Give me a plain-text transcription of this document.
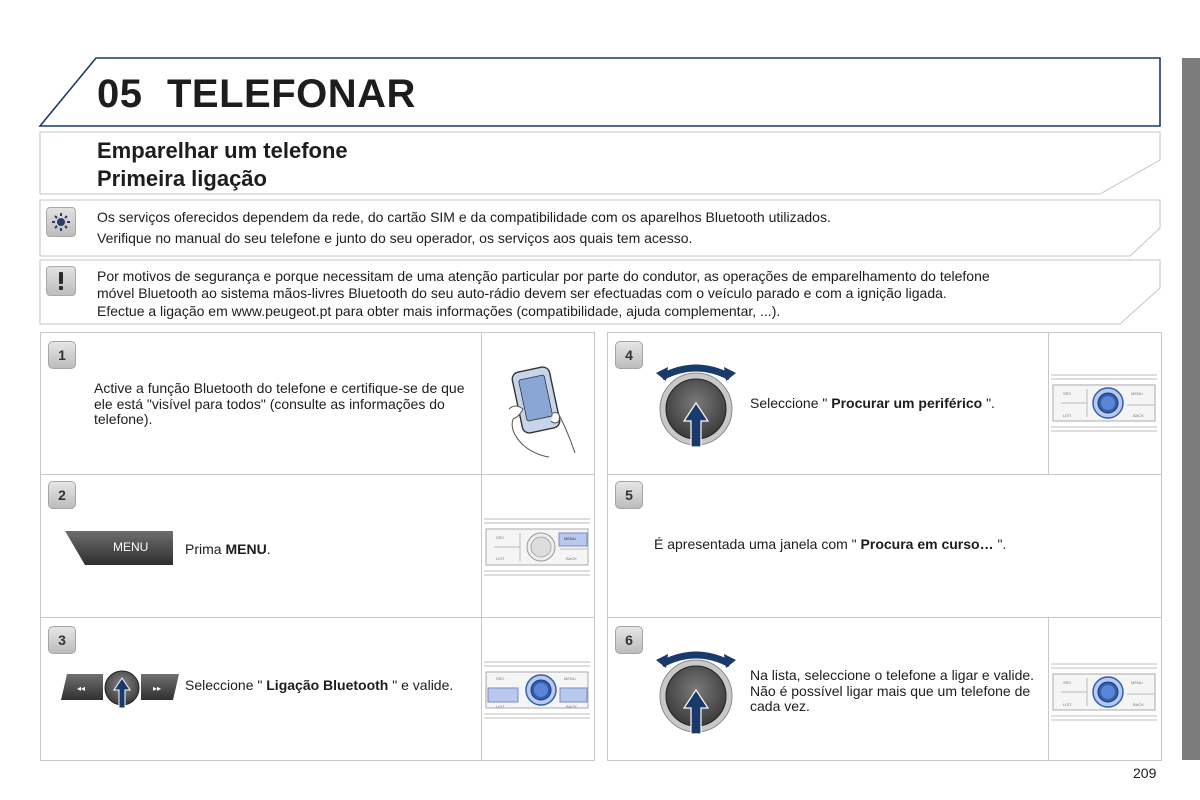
05 TELEFONAR
Emparelhar um telefone
Primeira ligação
Os serviços oferecidos dependem da rede, do cartão SIM e da compatibilidade com os aparelhos Bluetooth utilizados.
Verifique no manual do seu telefone e junto do seu operador, os serviços aos quais tem acesso.
Por motivos de segurança e porque necessitam de uma atenção particular por parte do condutor, as operações de emparelhamento do telefone
móvel Bluetooth ao sistema mãos-livres Bluetooth do seu auto-rádio devem ser efectuadas com o veículo parado e com a ignição ligada.
Efectue a ligação em www.peugeot.pt para obter mais informações (compatibilidade, ajuda complementar, ...).
1
Active a função Bluetooth do telefone e certifique-se de que ele está "visível para todos" (consulte as informações do telefone).
2
MENU	Prima MENU.
SRC	MENU
LIST	BACK
3
◂◂	▸▸ Seleccione " Ligação Bluetooth " e valide.	SRC	MENU
LIST	BACK
4
Seleccione " Procurar um periférico ".
SRC	MENU
LIST	BACK
5
É apresentada uma janela com " Procura em curso… ".
6
Na lista, seleccione o telefone a ligar e valide. Não é possível ligar mais que um telefone de cada vez.
SRC	MENU
LIST	BACK
209
